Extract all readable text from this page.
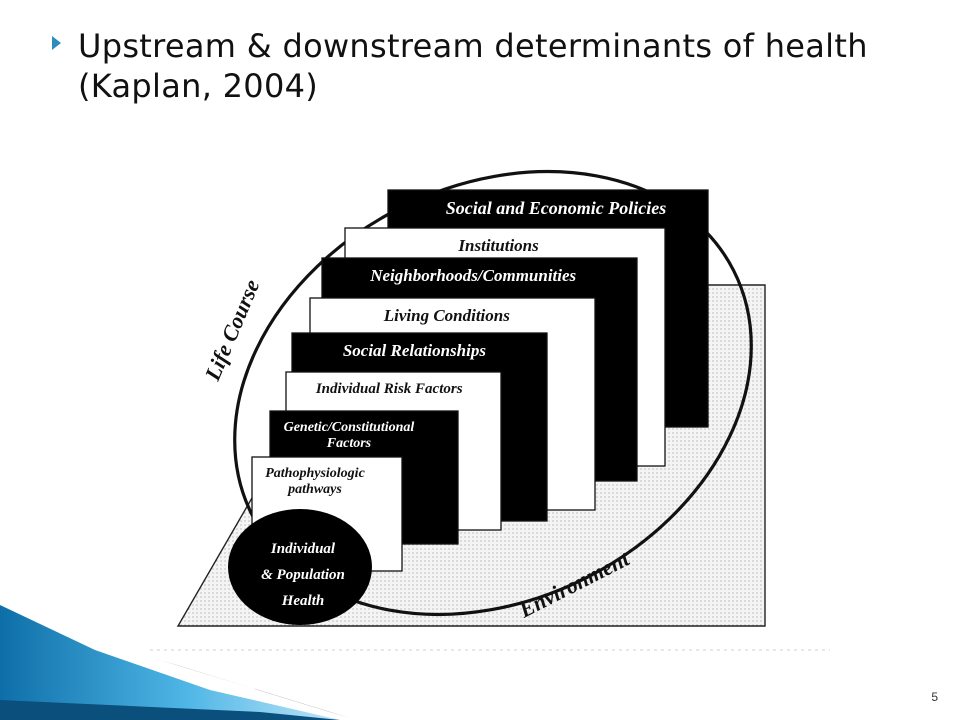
Upstream & downstream determinants of health (Kaplan, 2004)
Social and Economic Policies
Institutions
Neighborhoods/Communities
Living Conditions
Social Relationships
Individual Risk Factors
Genetic/Constitutional
Factors
Pathophysiologic
pathways
Individual
& Population
Health
Life Course
Environment
5
